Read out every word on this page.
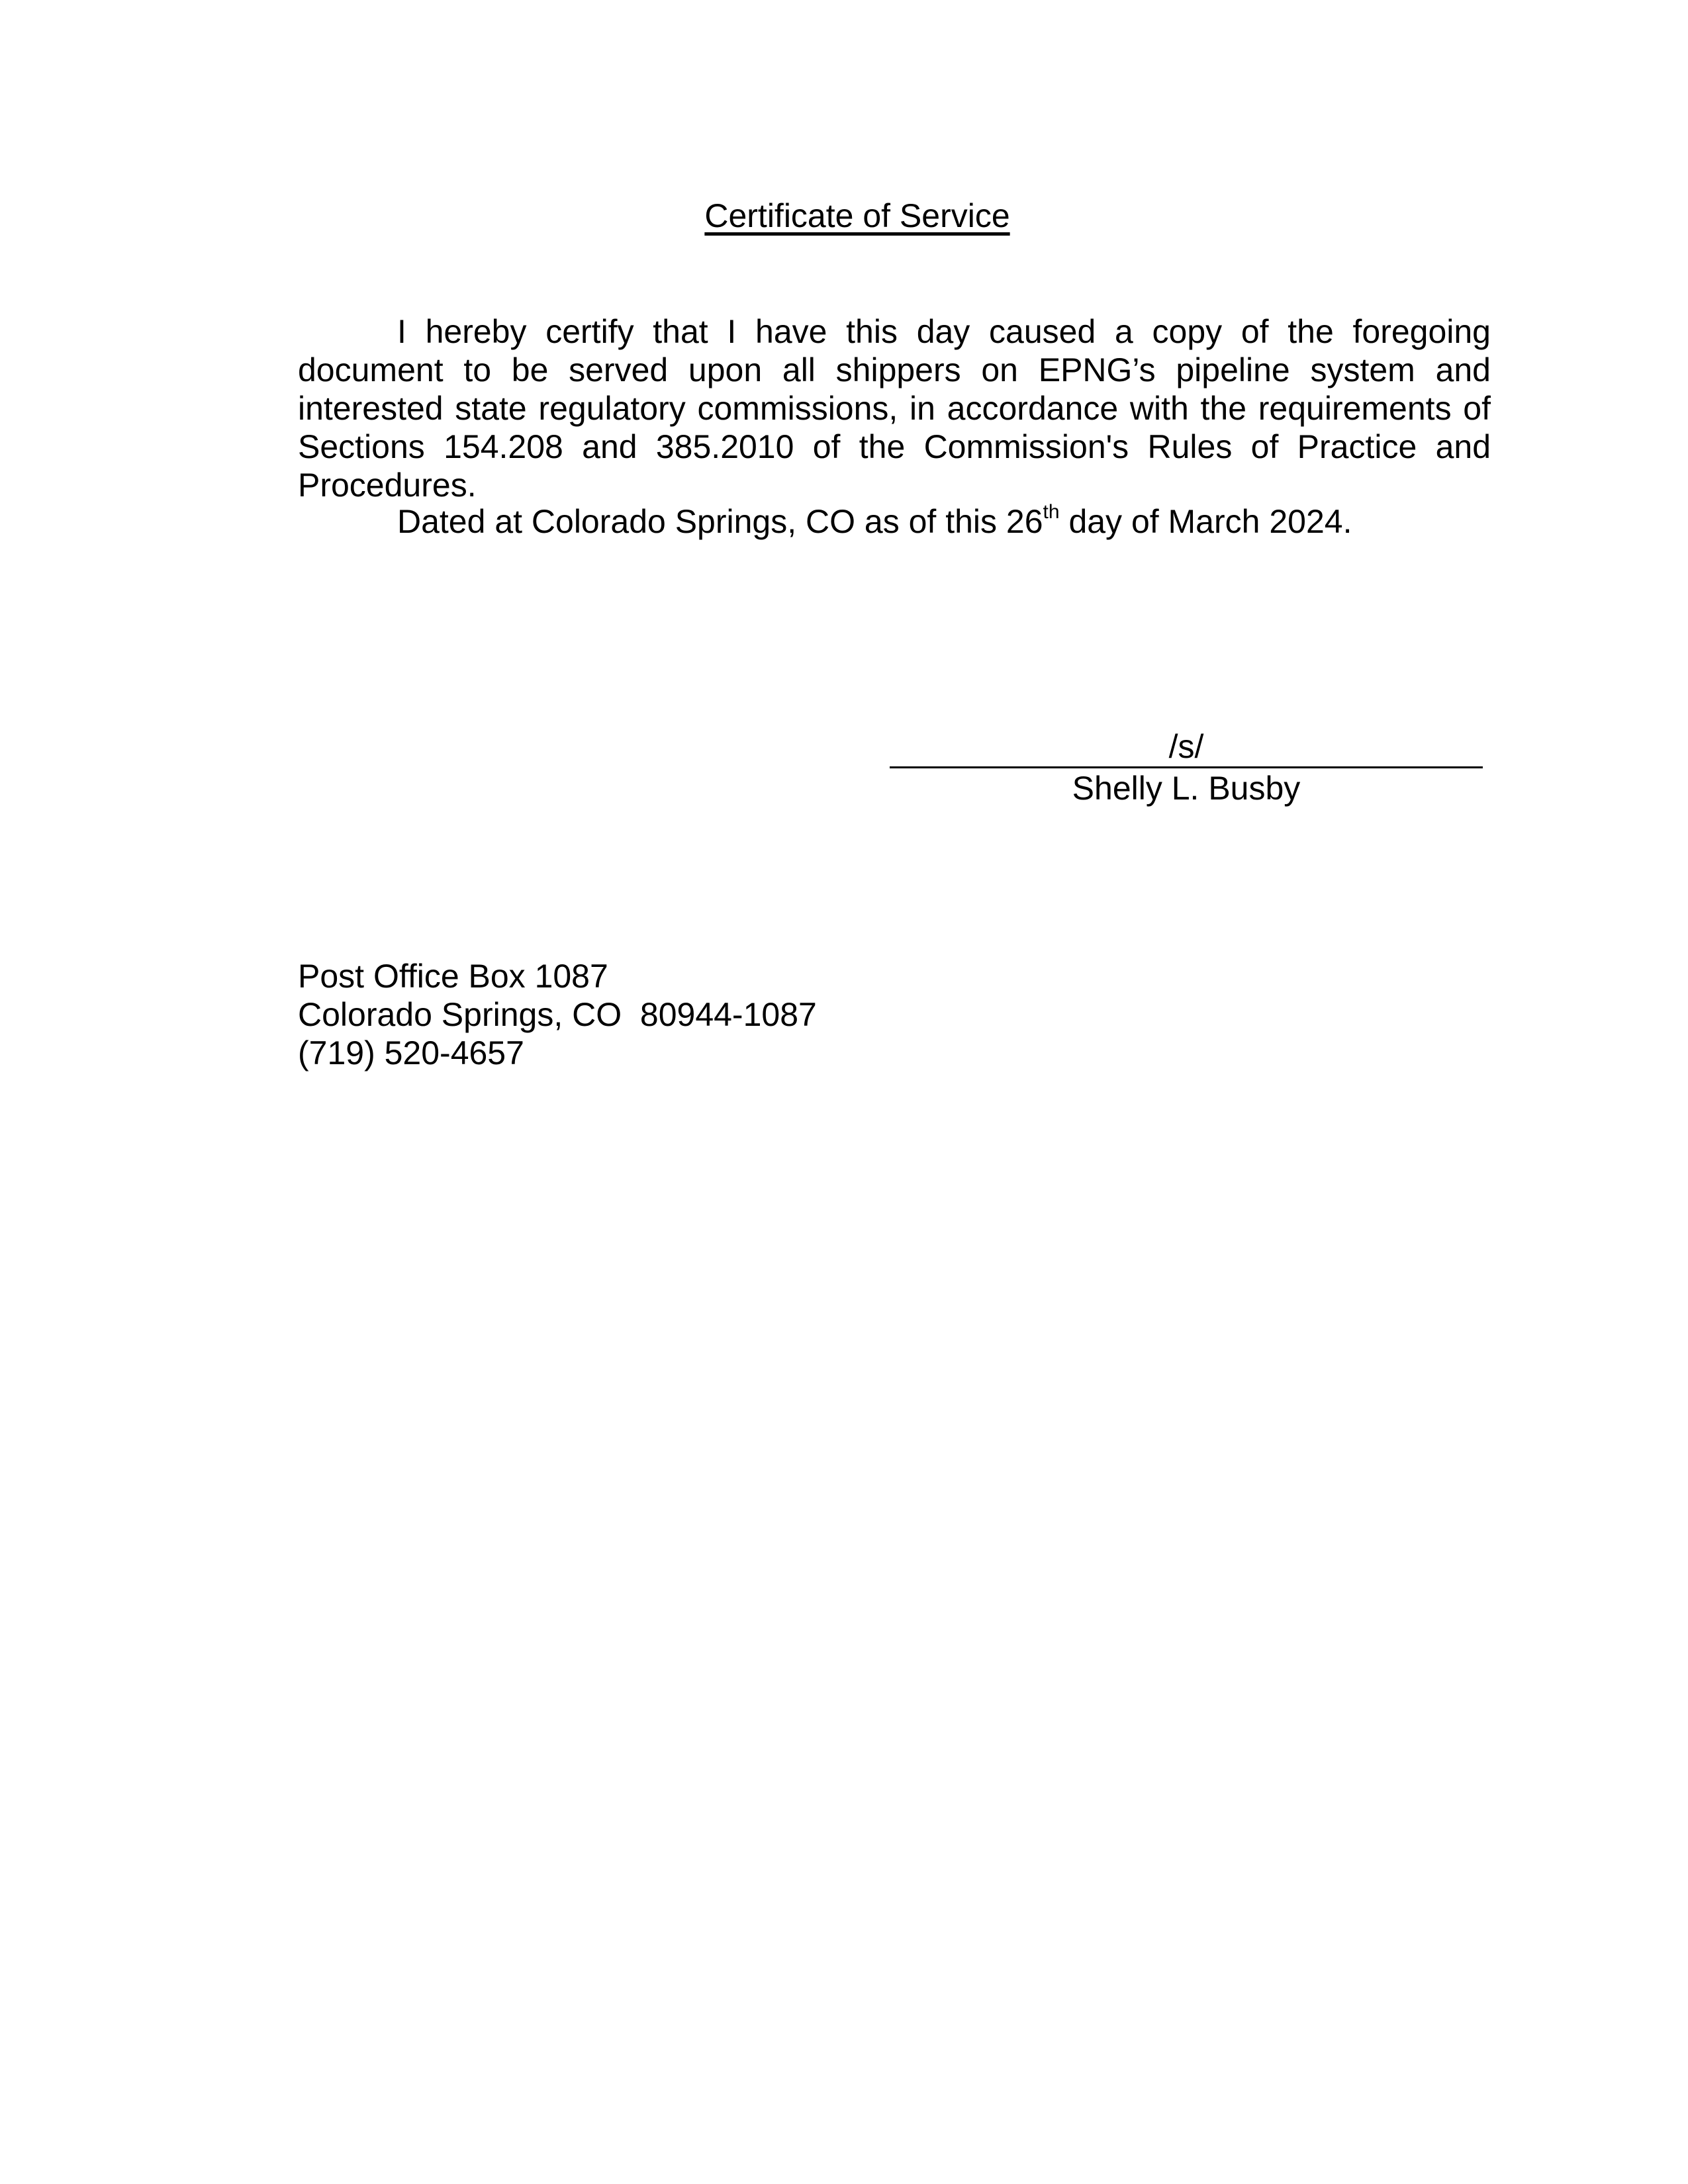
Certificate of Service

I hereby certify that I have this day caused a copy of the foregoing document to be served upon all shippers on EPNG’s pipeline system and interested state regulatory commissions, in accordance with the requirements of Sections 154.208 and 385.2010 of the Commission's Rules of Practice and Procedures.

Dated at Colorado Springs, CO as of this 26th day of March 2024.
/s/
Shelly L. Busby
Post Office Box 1087
Colorado Springs, CO  80944-1087
(719) 520-4657
